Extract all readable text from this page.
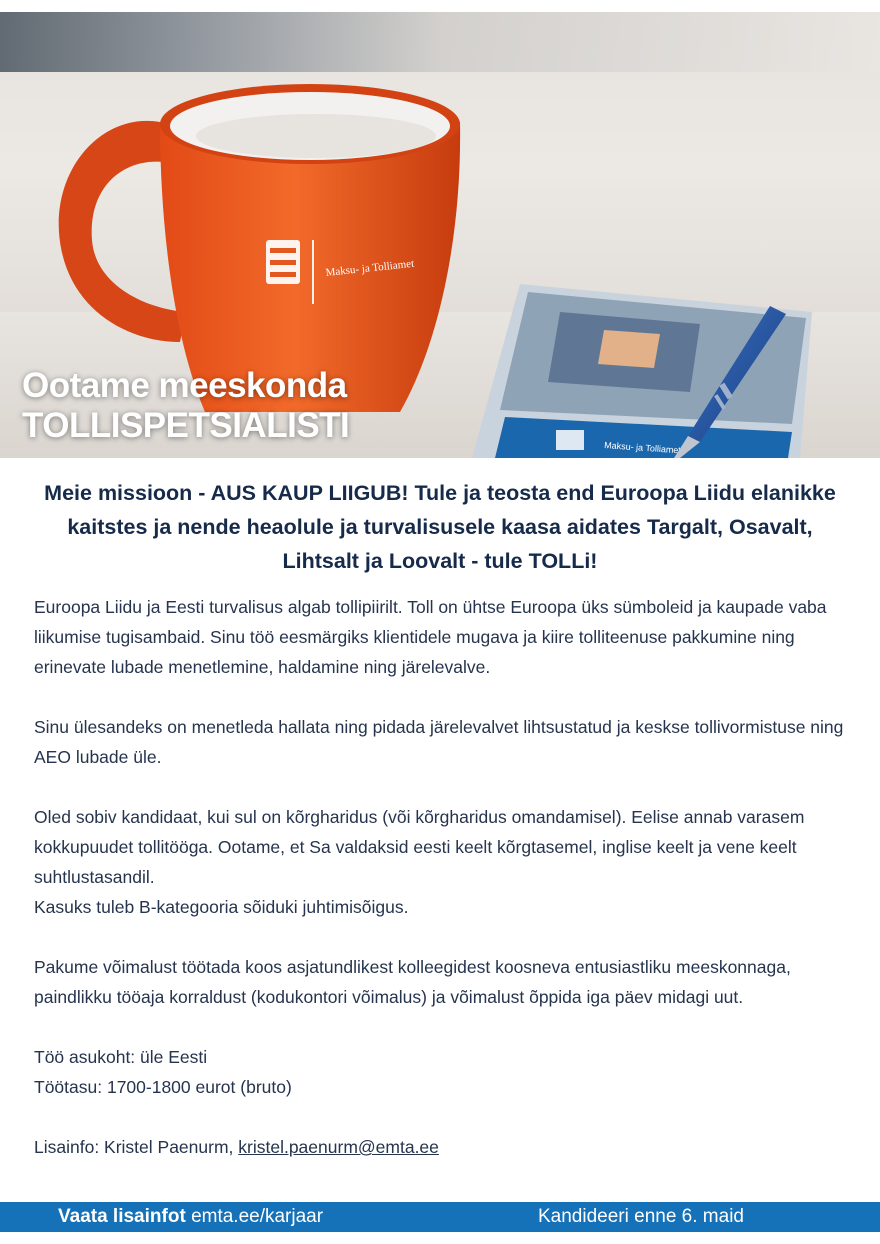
Maksu- ja Tolliamet
Maksu- ja Tolliamet
Ootame meeskonda
TOLLISPETSIALISTI
Meie missioon - AUS KAUP LIIGUB! Tule ja teosta end Euroopa Liidu elanikke kaitstes ja nende heaolule ja turvalisusele kaasa aidates Targalt, Osavalt, Lihtsalt ja Loovalt - tule TOLLi!

Euroopa Liidu ja Eesti turvalisus algab tollipiirilt. Toll on ühtse Euroopa üks sümboleid ja kaupade vaba liikumise tugisambaid. Sinu töö eesmärgiks klientidele mugava ja kiire tolliteenuse pakkumine ning erinevate lubade menetlemine, haldamine ning järelevalve.

Sinu ülesandeks on menetleda hallata ning pidada järelevalvet lihtsustatud ja keskse tollivormistuse ning AEO lubade üle.

Oled sobiv kandidaat, kui sul on kõrgharidus (või kõrgharidus omandamisel). Eelise annab varasem kokkupuudet tollitööga. Ootame, et Sa valdaksid eesti keelt kõrgtasemel, inglise keelt ja vene keelt suhtlustasandil.

Kasuks tuleb B-kategooria sõiduki juhtimisõigus.

Pakume võimalust töötada koos asjatundlikest kolleegidest koosneva entusiastliku meeskonnaga, paindlikku tööaja korraldust (kodukontori võimalus) ja võimalust õppida iga päev midagi uut.

Töö asukoht: üle Eesti

Töötasu: 1700-1800 eurot (bruto)

Lisainfo: Kristel Paenurm, kristel.paenurm@emta.ee

Vaata lisainfot emta.ee/karjaar	Kandideeri enne 6. maid
